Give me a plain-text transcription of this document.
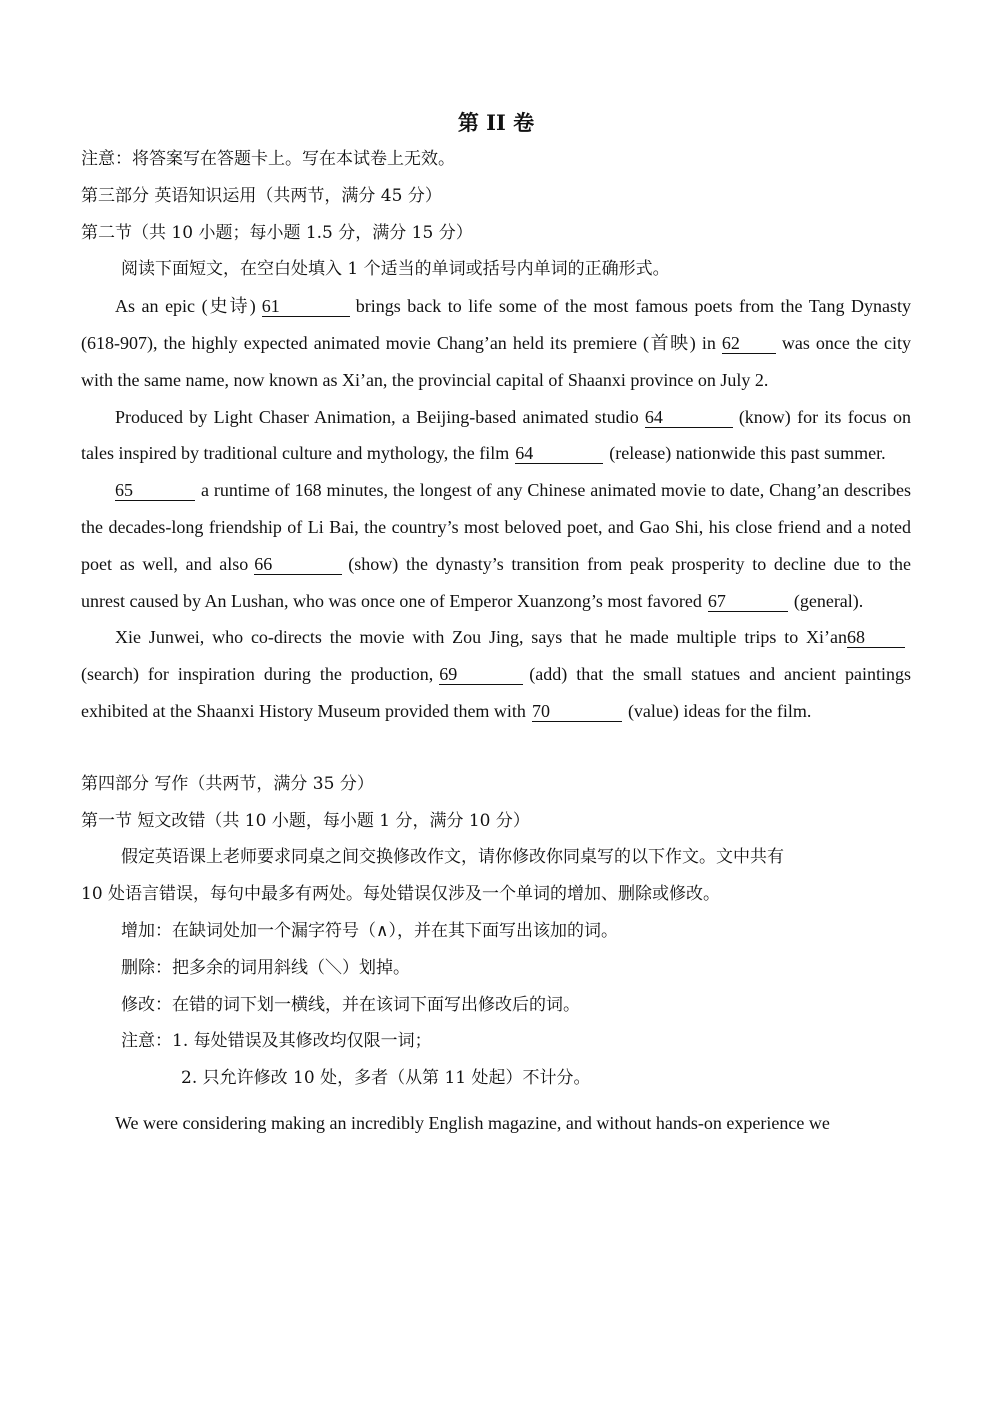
第 II 卷
注意：将答案写在答题卡上。写在本试卷上无效。
第三部分 英语知识运用（共两节，满分 45 分）
第二节（共 10 小题；每小题 1.5 分，满分 15 分）
阅读下面短文，在空白处填入 1 个适当的单词或括号内单词的正确形式。

As an epic (史诗) 61	brings back to life some of the most famous poets from the Tang Dynasty (618-907), the highly expected animated movie Chang’an held its premiere (首映) in 62 was once the city with the same name, now known as Xi’an, the provincial capital of Shaanxi province on July 2.

Produced by Light Chaser Animation, a Beijing-based animated studio 64	(know) for its focus on tales inspired by traditional culture and mythology, the film 64	(release) nationwide this past summer.

65	a runtime of 168 minutes, the longest of any Chinese animated movie to date, Chang’an describes the decades-long friendship of Li Bai, the country’s most beloved poet, and Gao Shi, his close friend and a noted poet as well, and also 66	(show) the dynasty’s transition from peak prosperity to decline due to the unrest caused by An Lushan, who was once one of Emperor Xuanzong’s most favored 67	(general).

Xie Junwei, who co-directs the movie with Zou Jing, says that he made multiple trips to Xi’an68(search) for inspiration during the production, 69	(add) that the small statues and ancient paintings exhibited at the Shaanxi History Museum provided them with 70	(value) ideas for the film.

第四部分 写作（共两节，满分 35 分）
第一节 短文改错（共 10 小题，每小题 1 分，满分 10 分）
假定英语课上老师要求同桌之间交换修改作文，请你修改你同桌写的以下作文。文中共有
10 处语言错误，每句中最多有两处。每处错误仅涉及一个单词的增加、删除或修改。
增加：在缺词处加一个漏字符号（∧），并在其下面写出该加的词。
删除：把多余的词用斜线（＼）划掉。
修改：在错的词下划一横线，并在该词下面写出修改后的词。
注意：1. 每处错误及其修改均仅限一词；
2. 只允许修改 10 处，多者（从第 11 处起）不计分。
We were considering making an incredibly English magazine, and without hands-on experience we
